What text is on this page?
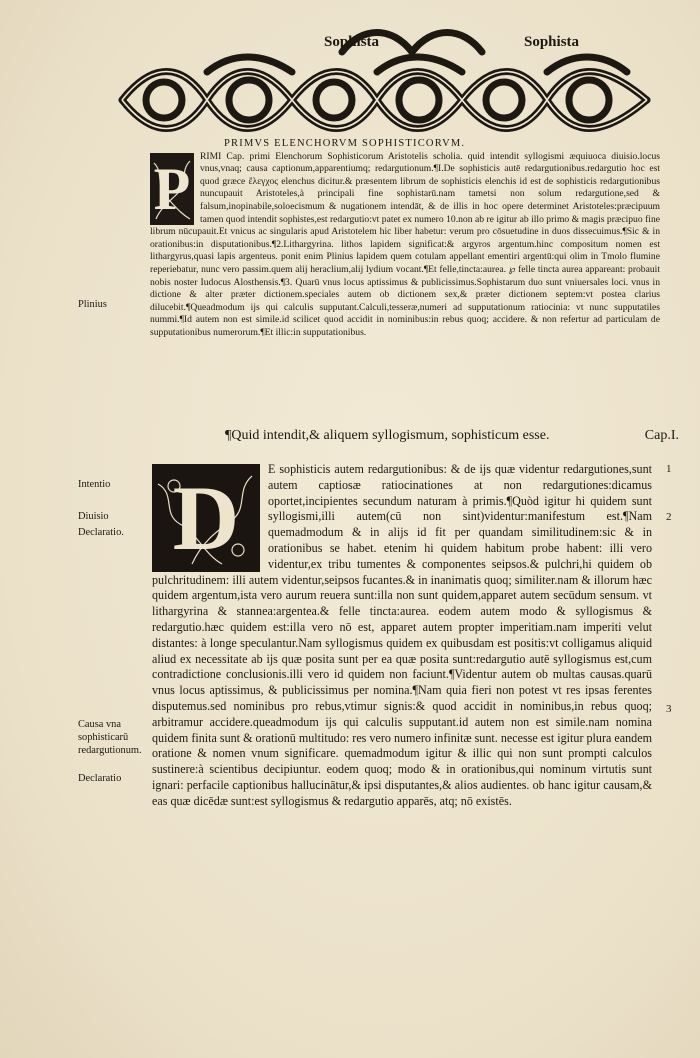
Sophista	Sophista
PRIMVS ELENCHORVM SOPHISTICORVM.
P	RIMI Cap. primi Elenchorum Sophisticorum Aristotelis scholia. quid intendit syllogismi æquiuoca diuisio.locus vnus,vnaq; causa captionum,apparentiumq; redargutionum.¶I.De sophisticis autē redargutionibus.redargutio hoc est quod græce ἔλεγχος elenchus dicitur.& præsentem librum de sophisticis elenchis id est de sophisticis redargutionibus nuncupauit Aristoteles,à principali fine sophistarū.nam tametsi non solum redargutione,sed & falsum,inopinabile,soloecismum & nugationem intendāt, & de illis in hoc opere determinet Aristoteles:præcipuum tamen quod intendit sophistes,est redargutio:vt patet ex numero 10.non ab re igitur ab illo primo & magis præcipuo fine librum nūcupauit.Et vnicus ac singularis apud Aristotelem hic liber habetur: verum pro cōsuetudine in duos dissecuimus.¶Sic & in orationibus:in disputationibus.¶2.Lithargyrina. lithos lapidem significat:& argyros argentum.hinc compositum nomen est lithargyrus,quasi lapis argenteus. ponit enim Plinius lapidem quem cotulam appellant ementiri argentū:qui olim in Tmolo flumine reperiebatur, nunc vero passim.quem alij heraclium,alij lydium vocant.¶Et felle,tincta:aurea. ℘ felle tincta aurea appareant: probauit nobis noster Iudocus Alosthensis.¶3. Quarū vnus locus aptissimus & publicissimus.Sophistarum duo sunt vniuersales loci. vnus in dictione & alter præter dictionem.speciales autem ob dictionem sex,& præter dictionem septem:vt postea clarius dilucebit.¶Queadmodum ijs qui calculis supputant.Calculi,tesseræ,numeri ad supputationum ratiocinia: vt nunc supputatiles nummi.¶Id autem non est simile.id scilicet quod accidit in nominibus:in rebus quoq; accidere. & non refertur ad particulam de supputationibus numerorum.¶Et illic:in supputationibus.

Plinius
¶Quid intendit,& aliquem syllogismum, sophisticum esse.	Cap.I.
Intentio
Diuisio
Declaratio.
Causa vna sophisticarū redargutionum.
Declaratio
1
2
3
D	E sophisticis autem redargutionibus: & de ijs quæ videntur redargutiones,sunt autem captiosæ ratiocinationes at non redargutiones:dicamus oportet,incipientes secundum naturam à primis.¶Quòd igitur hi quidem sunt syllogismi,illi autem(cū non sint)videntur:manifestum est.¶Nam quemadmodum & in alijs id fit per quandam similitudinem:sic & in orationibus se habet. etenim hi quidem habitum probe habent: illi vero videntur,ex tribu tumentes & componentes seipsos.& pulchri,hi quidem ob pulchritudinem: illi autem videntur,seipsos fucantes.& in inanimatis quoq; similiter.nam & illorum hæc quidem argentum,ista vero aurum reuera sunt:illa non sunt quidem,apparet autem secūdum sensum. vt lithargyrina & stannea:argentea.& felle tincta:aurea. eodem autem modo & syllogismus & redargutio.hæc quidem est:illa vero nō est, apparet autem propter imperitiam.nam imperiti velut distantes: à longe speculantur.Nam syllogismus quidem ex quibusdam est positis:vt colligamus aliquid aliud ex necessitate ab ijs quæ posita sunt per ea quæ posita sunt:redargutio autē syllogismus est,cum contradictione conclusionis.illi vero id quidem non faciunt.¶Videntur autem ob multas causas.quarū vnus locus aptissimus, & publicissimus per nomina.¶Nam quia fieri non potest vt res ipsas ferentes disputemus.sed nominibus pro rebus,vtimur signis:& quod accidit in nominibus,in rebus quoq; arbitramur accidere.queadmodum ijs qui calculis supputant.id autem non est simile.nam nomina quidem finita sunt & orationū multitudo: res vero numero infinitæ sunt. necesse est igitur plura eandem oratione & nomen vnum significare. quemadmodum igitur & illic qui non sunt prompti calculos sustinere:à scientibus decipiuntur. eodem quoq; modo & in orationibus,qui nominum virtutis sunt ignari: perfacile captionibus hallucinātur,& ipsi disputantes,& alios audientes. ob hanc igitur causam,& eas quæ dicēdæ sunt:est syllogismus & redargutio apparēs, atq; nō existēs.
